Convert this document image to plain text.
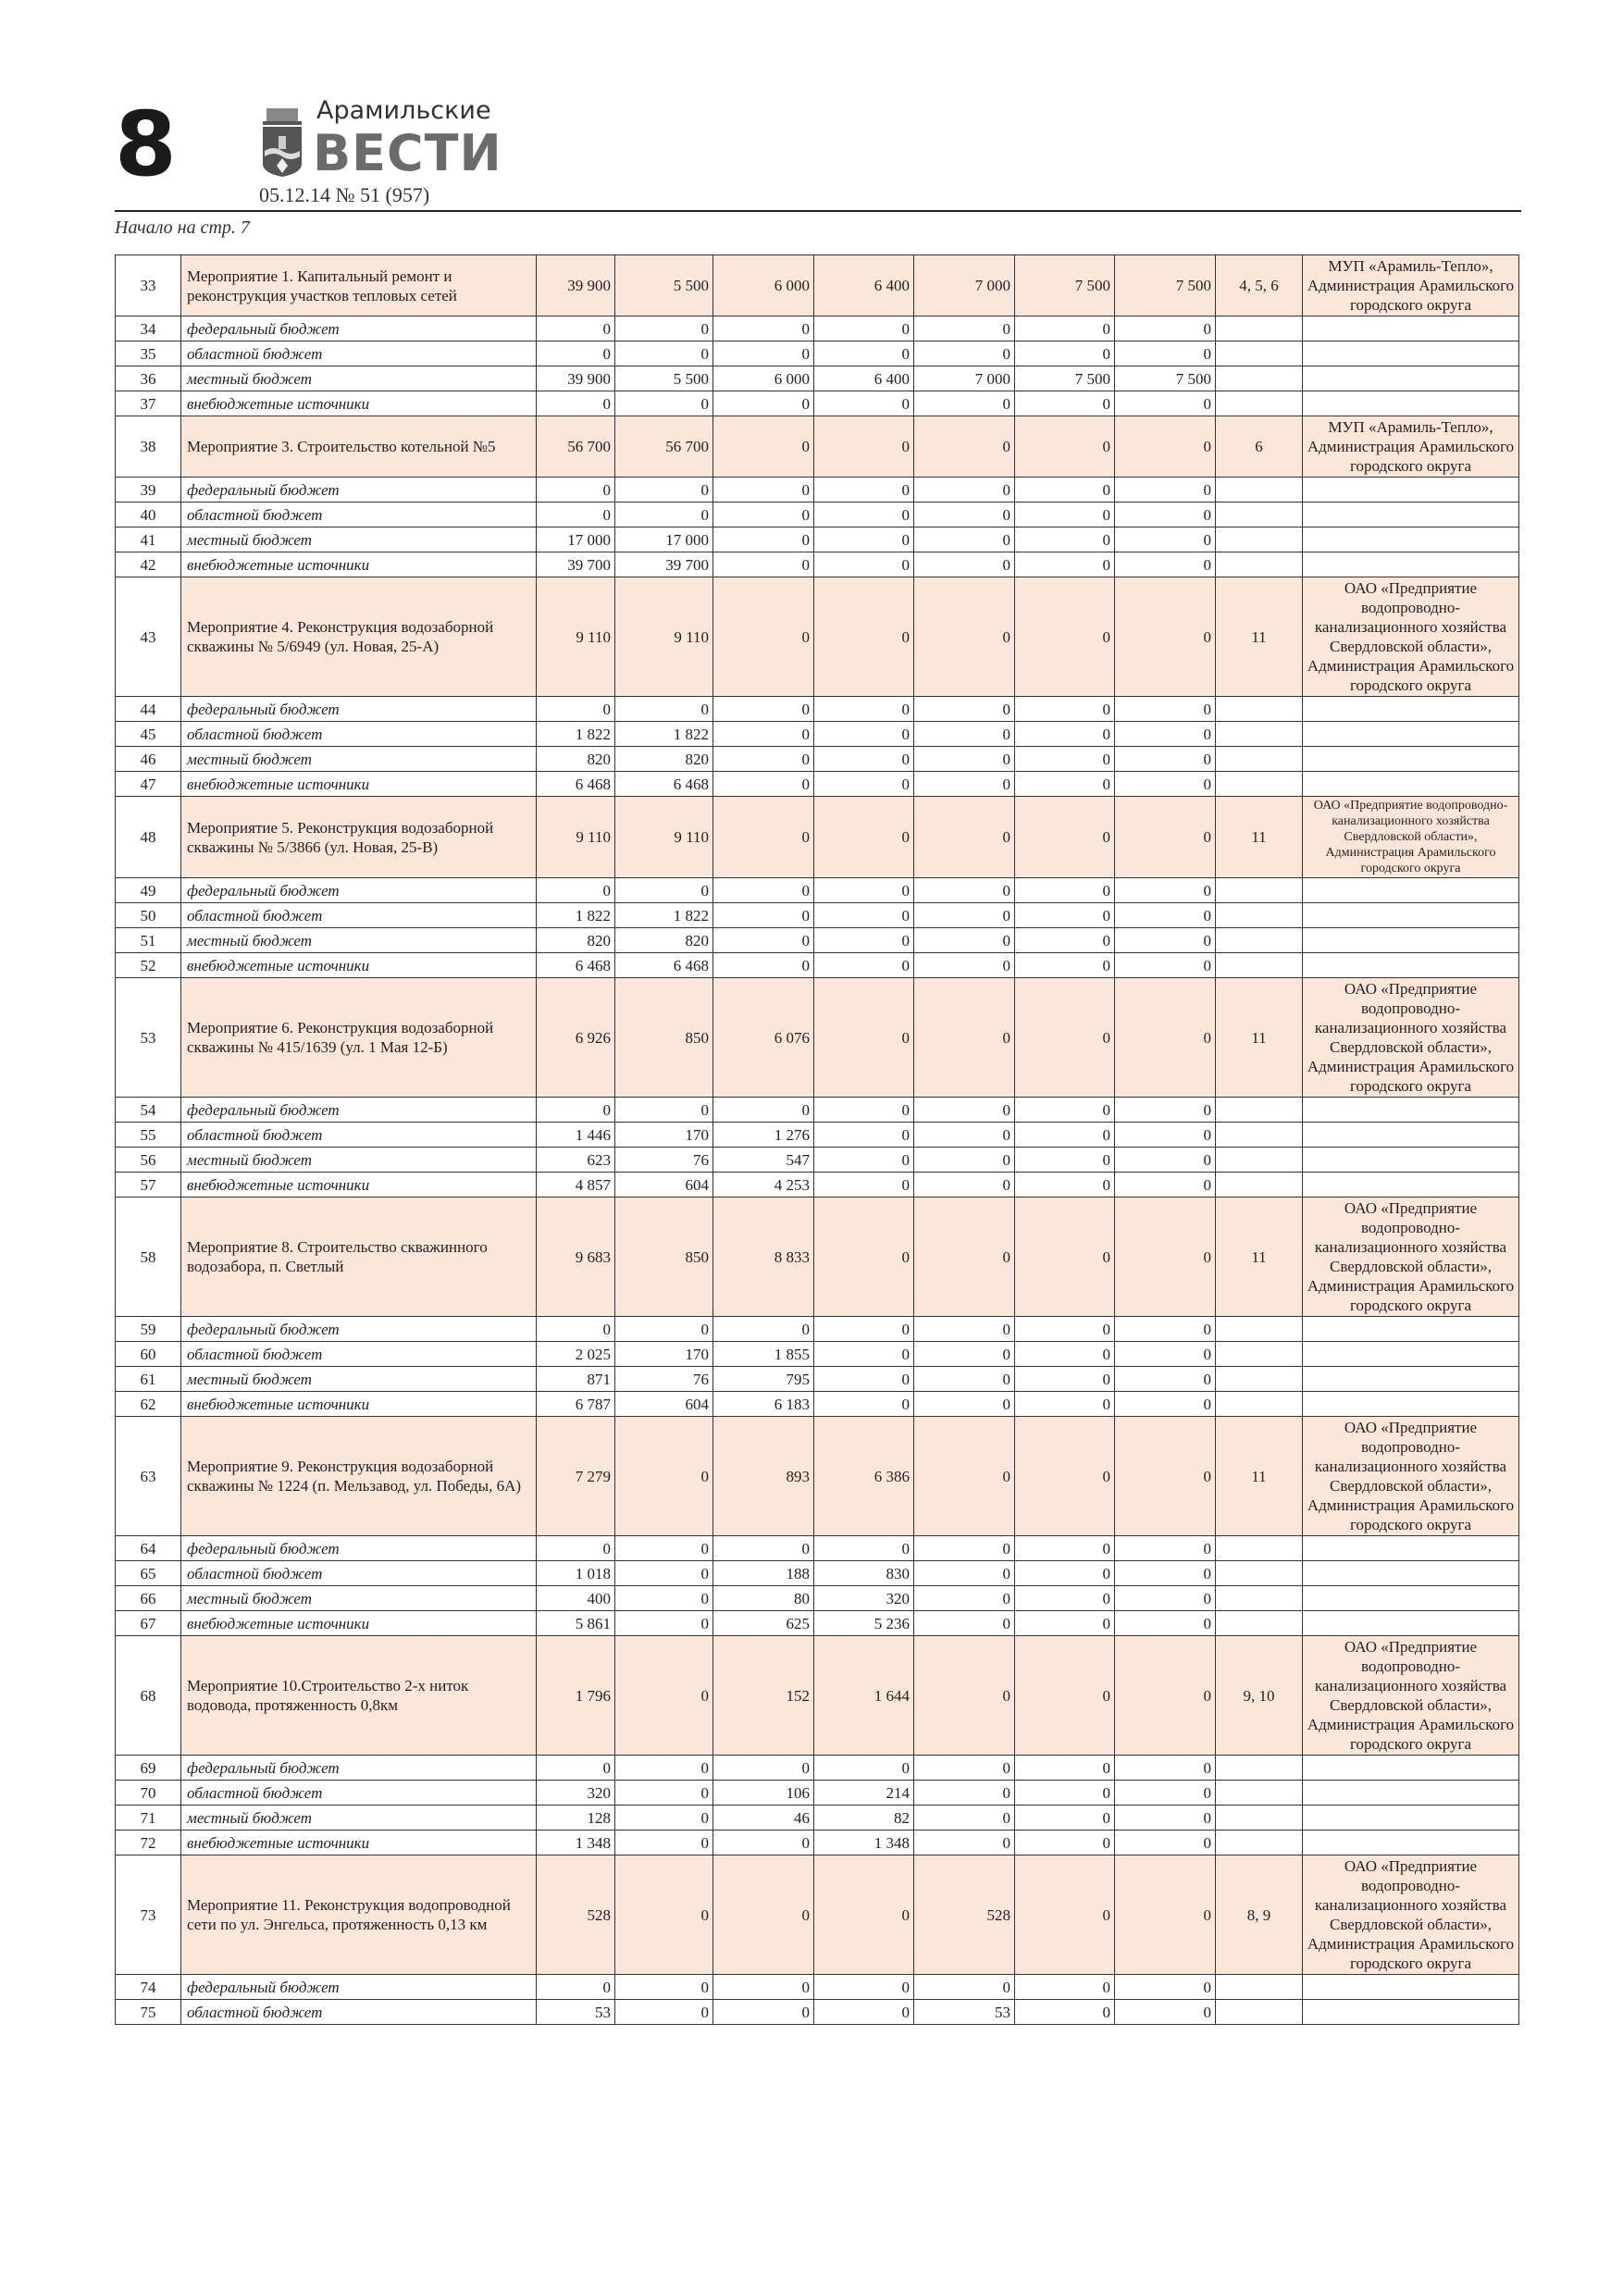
8	Арамильские
ВЕСТИ
05.12.14 № 51 (957)
Начало на стр. 7
33	Мероприятие 1. Капитальный ремонт и реконструкция участков тепловых сетей	39 900	5 500	6 000	6 400	7 000	7 500	7 500	4, 5, 6	МУП «Арамиль-Тепло», Администрация Арамильского городского округа
34	федеральный бюджет	0	0	0	0	0	0	0		
35	областной бюджет	0	0	0	0	0	0	0		
36	местный бюджет	39 900	5 500	6 000	6 400	7 000	7 500	7 500		
37	внебюджетные источники	0	0	0	0	0	0	0		
38	Мероприятие 3. Строительство котельной №5	56 700	56 700	0	0	0	0	0	6	МУП «Арамиль-Тепло», Администрация Арамильского городского округа
39	федеральный бюджет	0	0	0	0	0	0	0		
40	областной бюджет	0	0	0	0	0	0	0		
41	местный бюджет	17 000	17 000	0	0	0	0	0		
42	внебюджетные источники	39 700	39 700	0	0	0	0	0		
43	Мероприятие 4. Реконструкция водозаборной скважины № 5/6949 (ул. Новая, 25-А)	9 110	9 110	0	0	0	0	0	11	ОАО «Предприятие водопроводно-канализационного хозяйства Свердловской области», Администрация Арамильского городского округа
44	федеральный бюджет	0	0	0	0	0	0	0		
45	областной бюджет	1 822	1 822	0	0	0	0	0		
46	местный бюджет	820	820	0	0	0	0	0		
47	внебюджетные источники	6 468	6 468	0	0	0	0	0		
48	Мероприятие 5. Реконструкция водозаборной скважины № 5/3866 (ул. Новая, 25-В)	9 110	9 110	0	0	0	0	0	11	ОАО «Предприятие водопроводно-канализационного хозяйства Свердловской области», Администрация Арамильского городского округа
49	федеральный бюджет	0	0	0	0	0	0	0		
50	областной бюджет	1 822	1 822	0	0	0	0	0		
51	местный бюджет	820	820	0	0	0	0	0		
52	внебюджетные источники	6 468	6 468	0	0	0	0	0		
53	Мероприятие 6. Реконструкция водозаборной скважины № 415/1639 (ул. 1 Мая 12-Б)	6 926	850	6 076	0	0	0	0	11	ОАО «Предприятие водопроводно-канализационного хозяйства Свердловской области», Администрация Арамильского городского округа
54	федеральный бюджет	0	0	0	0	0	0	0		
55	областной бюджет	1 446	170	1 276	0	0	0	0		
56	местный бюджет	623	76	547	0	0	0	0		
57	внебюджетные источники	4 857	604	4 253	0	0	0	0		
58	Мероприятие 8. Строительство скважинного водозабора, п. Светлый	9 683	850	8 833	0	0	0	0	11	ОАО «Предприятие водопроводно-канализационного хозяйства Свердловской области», Администрация Арамильского городского округа
59	федеральный бюджет	0	0	0	0	0	0	0		
60	областной бюджет	2 025	170	1 855	0	0	0	0		
61	местный бюджет	871	76	795	0	0	0	0		
62	внебюджетные источники	6 787	604	6 183	0	0	0	0		
63	Мероприятие 9. Реконструкция водозаборной скважины № 1224 (п. Мельзавод, ул. Победы, 6А)	7 279	0	893	6 386	0	0	0	11	ОАО «Предприятие водопроводно-канализационного хозяйства Свердловской области», Администрация Арамильского городского округа
64	федеральный бюджет	0	0	0	0	0	0	0		
65	областной бюджет	1 018	0	188	830	0	0	0		
66	местный бюджет	400	0	80	320	0	0	0		
67	внебюджетные источники	5 861	0	625	5 236	0	0	0		
68	Мероприятие 10.Строительство 2-х ниток водовода, протяженность 0,8км	1 796	0	152	1 644	0	0	0	9, 10	ОАО «Предприятие водопроводно-канализационного хозяйства Свердловской области», Администрация Арамильского городского округа
69	федеральный бюджет	0	0	0	0	0	0	0		
70	областной бюджет	320	0	106	214	0	0	0		
71	местный бюджет	128	0	46	82	0	0	0		
72	внебюджетные источники	1 348	0	0	1 348	0	0	0		
73	Мероприятие 11. Реконструкция водопроводной сети по ул. Энгельса, протяженность 0,13 км	528	0	0	0	528	0	0	8, 9	ОАО «Предприятие водопроводно-канализационного хозяйства Свердловской области», Администрация Арамильского городского округа
74	федеральный бюджет	0	0	0	0	0	0	0		
75	областной бюджет	53	0	0	0	53	0	0		
